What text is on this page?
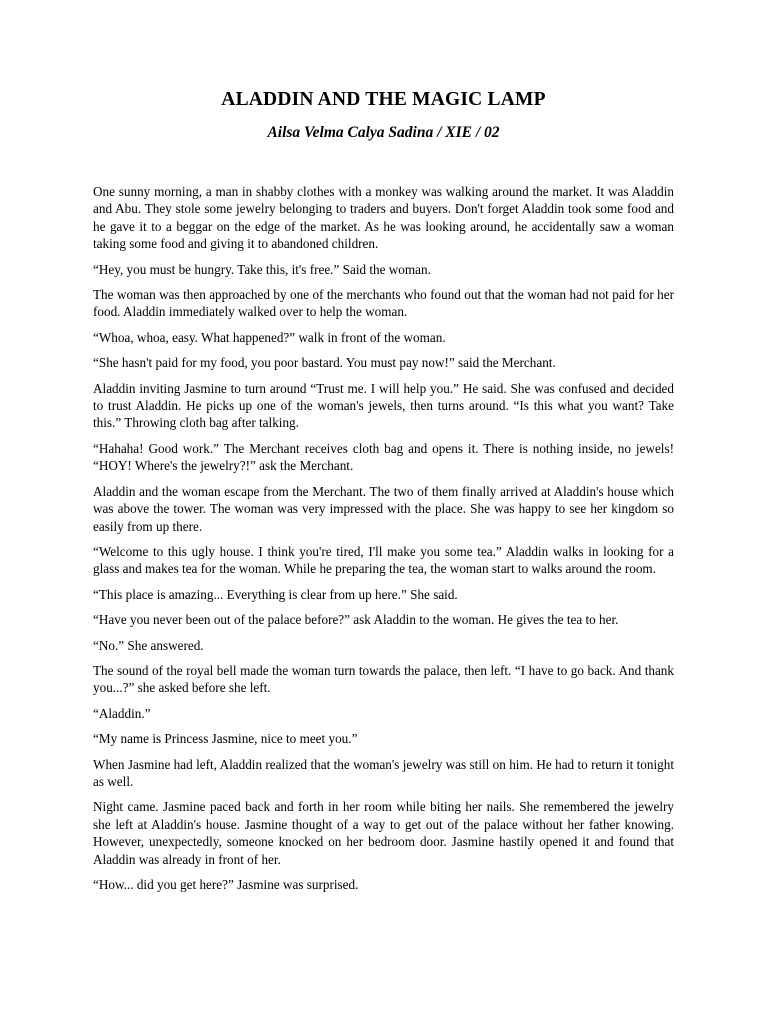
ALADDIN AND THE MAGIC LAMP
Ailsa Velma Calya Sadina / XIE / 02

One sunny morning, a man in shabby clothes with a monkey was walking around the market. It was Aladdin and Abu. They stole some jewelry belonging to traders and buyers. Don't forget Aladdin took some food and he gave it to a beggar on the edge of the market. As he was looking around, he accidentally saw a woman taking some food and giving it to abandoned children.

“Hey, you must be hungry. Take this, it's free.” Said the woman.

The woman was then approached by one of the merchants who found out that the woman had not paid for her food. Aladdin immediately walked over to help the woman.

“Whoa, whoa, easy. What happened?” walk in front of the woman.

“She hasn't paid for my food, you poor bastard. You must pay now!” said the Merchant.

Aladdin inviting Jasmine to turn around “Trust me. I will help you.” He said. She was confused and decided to trust Aladdin. He picks up one of the woman's jewels, then turns around. “Is this what you want? Take this.” Throwing cloth bag after talking.

“Hahaha! Good work.” The Merchant receives cloth bag and opens it. There is nothing inside, no jewels! “HOY! Where's the jewelry?!” ask the Merchant.

Aladdin and the woman escape from the Merchant. The two of them finally arrived at Aladdin's house which was above the tower. The woman was very impressed with the place. She was happy to see her kingdom so easily from up there.

“Welcome to this ugly house. I think you're tired, I'll make you some tea.” Aladdin walks in looking for a glass and makes tea for the woman. While he preparing the tea, the woman start to walks around the room.

“This place is amazing... Everything is clear from up here.” She said.

“Have you never been out of the palace before?” ask Aladdin to the woman. He gives the tea to her.

“No.” She answered.

The sound of the royal bell made the woman turn towards the palace, then left. “I have to go back. And thank you...?” she asked before she left.

“Aladdin.”

“My name is Princess Jasmine, nice to meet you.”

When Jasmine had left, Aladdin realized that the woman's jewelry was still on him. He had to return it tonight as well.

Night came. Jasmine paced back and forth in her room while biting her nails. She remembered the jewelry she left at Aladdin's house. Jasmine thought of a way to get out of the palace without her father knowing. However, unexpectedly, someone knocked on her bedroom door. Jasmine hastily opened it and found that Aladdin was already in front of her.

“How... did you get here?” Jasmine was surprised.
